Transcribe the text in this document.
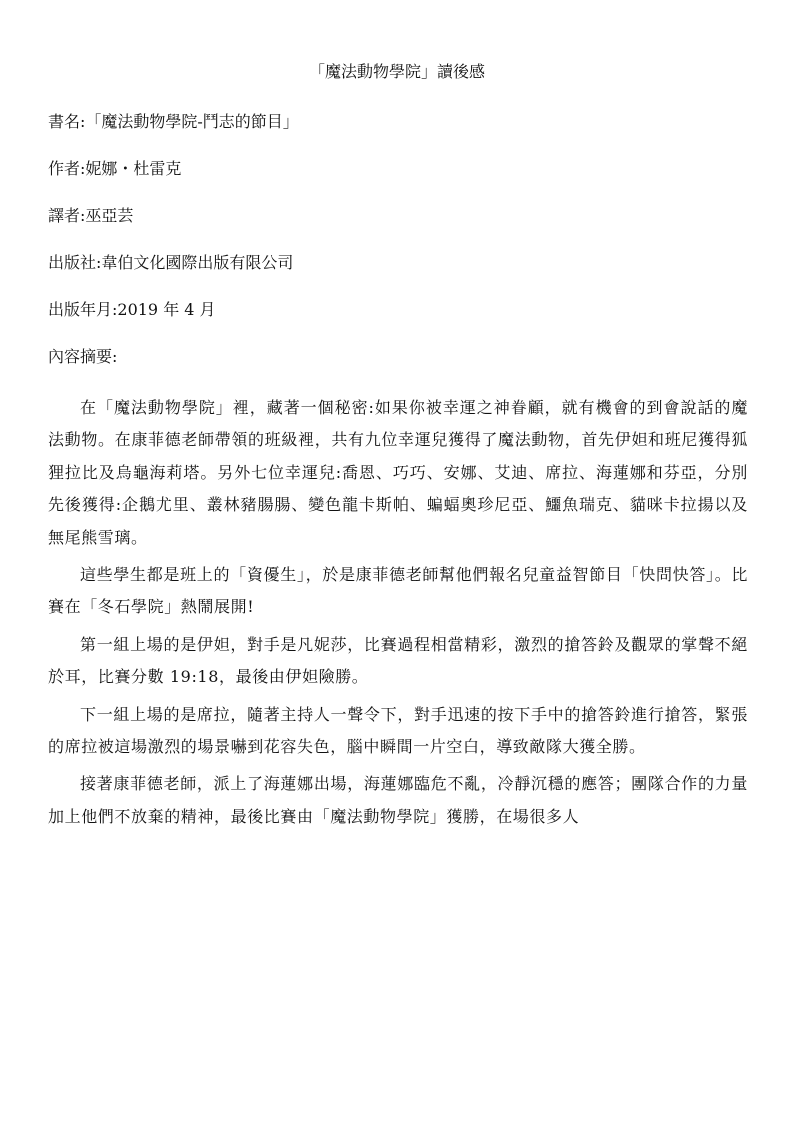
「魔法動物學院」讀後感
書名:「魔法動物學院-鬥志的節目」
作者:妮娜・杜雷克
譯者:巫亞芸
出版社:韋伯文化國際出版有限公司
出版年月:2019 年 4 月
內容摘要:

在「魔法動物學院」裡，藏著一個秘密:如果你被幸運之神眷顧，就有機會的到會說話的魔法動物。在康菲德老師帶領的班級裡，共有九位幸運兒獲得了魔法動物，首先伊妲和班尼獲得狐狸拉比及烏龜海莉塔。另外七位幸運兒:喬恩、巧巧、安娜、艾迪、席拉、海蓮娜和芬亞，分別先後獲得:企鵝尤里、叢林豬腸腸、變色龍卡斯帕、蝙蝠奧珍尼亞、鱷魚瑞克、貓咪卡拉揚以及無尾熊雪璃。

這些學生都是班上的「資優生」，於是康菲德老師幫他們報名兒童益智節目「快問快答」。比賽在「冬石學院」熱鬧展開!

第一組上場的是伊妲，對手是凡妮莎，比賽過程相當精彩，激烈的搶答鈴及觀眾的掌聲不絕於耳，比賽分數 19:18，最後由伊妲險勝。

下一組上場的是席拉，隨著主持人一聲令下，對手迅速的按下手中的搶答鈴進行搶答，緊張的席拉被這場激烈的場景嚇到花容失色，腦中瞬間一片空白，導致敵隊大獲全勝。

接著康菲德老師，派上了海蓮娜出場，海蓮娜臨危不亂，冷靜沉穩的應答；團隊合作的力量加上他們不放棄的精神，最後比賽由「魔法動物學院」獲勝，在場很多人
